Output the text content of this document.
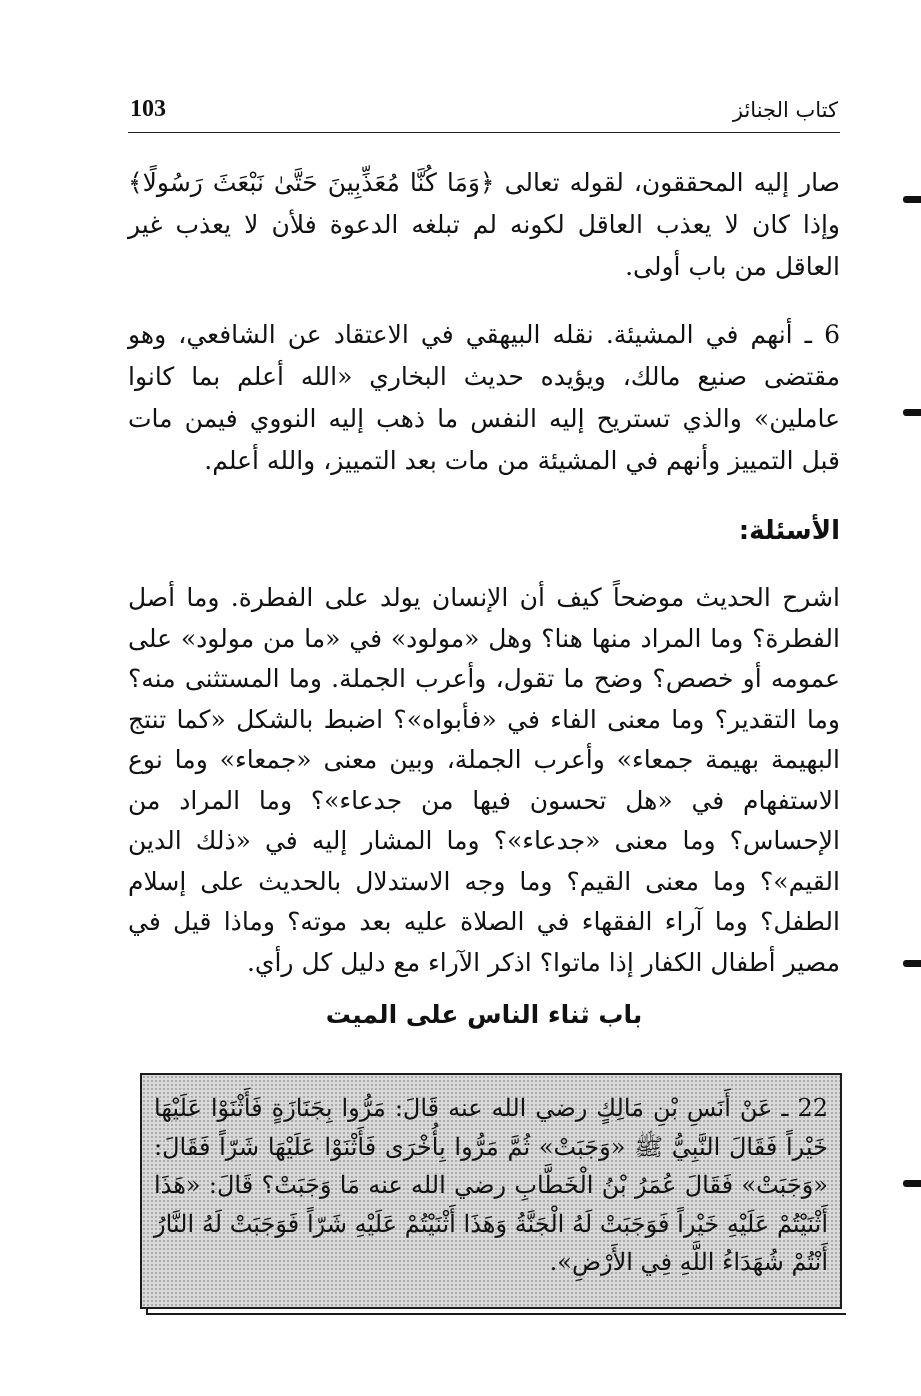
كتاب الجنائز
103

صار إليه المحققون، لقوله تعالى ﴿وَمَا كُنَّا مُعَذِّبِينَ حَتَّىٰ نَبْعَثَ رَسُولًا﴾ وإذا كان لا يعذب العاقل لكونه لم تبلغه الدعوة فلأن لا يعذب غير العاقل من باب أولى.

6 ـ أنهم في المشيئة. نقله البيهقي في الاعتقاد عن الشافعي، وهو مقتضى صنيع مالك، ويؤيده حديث البخاري «الله أعلم بما كانوا عاملين» والذي تستريح إليه النفس ما ذهب إليه النووي فيمن مات قبل التمييز وأنهم في المشيئة من مات بعد التمييز، والله أعلم.

الأسئلة:

اشرح الحديث موضحاً كيف أن الإنسان يولد على الفطرة. وما أصل الفطرة؟ وما المراد منها هنا؟ وهل «مولود» في «ما من مولود» على عمومه أو خصص؟ وضح ما تقول، وأعرب الجملة. وما المستثنى منه؟ وما التقدير؟ وما معنى الفاء في «فأبواه»؟ اضبط بالشكل «كما تنتج البهيمة بهيمة جمعاء» وأعرب الجملة، وبين معنى «جمعاء» وما نوع الاستفهام في «هل تحسون فيها من جدعاء»؟ وما المراد من الإحساس؟ وما معنى «جدعاء»؟ وما المشار إليه في «ذلك الدين القيم»؟ وما معنى القيم؟ وما وجه الاستدلال بالحديث على إسلام الطفل؟ وما آراء الفقهاء في الصلاة عليه بعد موته؟ وماذا قيل في مصير أطفال الكفار إذا ماتوا؟ اذكر الآراء مع دليل كل رأي.

باب ثناء الناس على الميت

22 ـ عَنْ أَنَسِ بْنِ مَالِكٍ رضي الله عنه قَالَ: مَرُّوا بِجَنَازَةٍ فَأَثْنَوْا عَلَيْهَا خَيْراً فَقَالَ النَّبِيُّ ﷺ «وَجَبَتْ» ثُمَّ مَرُّوا بِأُخْرَى فَأَثْنَوْا عَلَيْهَا شَرّاً فَقَالَ: «وَجَبَتْ» فَقَالَ عُمَرُ بْنُ الْخَطَّابِ رضي الله عنه مَا وَجَبَتْ؟ قَالَ: «هَذَا أَثْنَيْتُمْ عَلَيْهِ خَيْراً فَوَجَبَتْ لَهُ الْجَنَّةُ وَهَذَا أَثْنَيْتُمْ عَلَيْهِ شَرّاً فَوَجَبَتْ لَهُ النَّارُ أَنْتُمْ شُهَدَاءُ اللَّهِ فِي الأَرْضِ».
